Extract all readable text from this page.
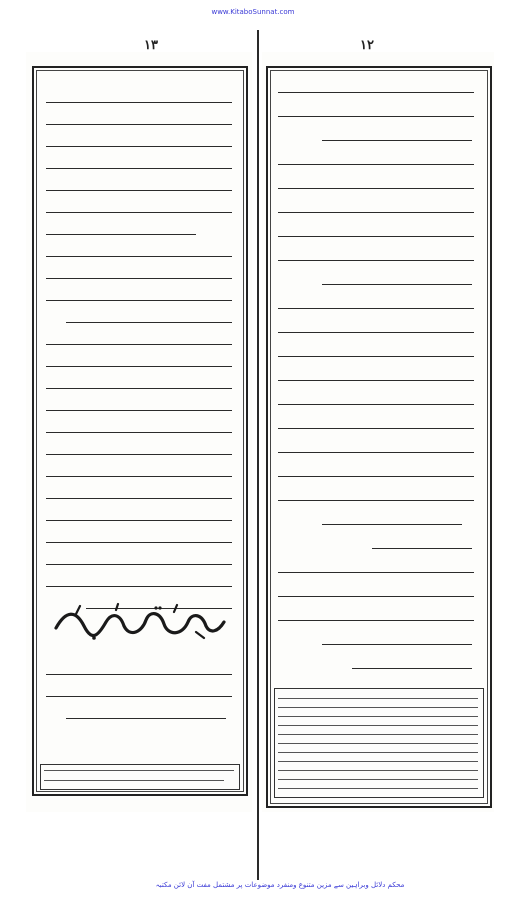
www.KitaboSunnat.com
۱۳	۱۲
محکم دلائل وبراہین سے مزین متنوع ومنفرد موضوعات پر مشتمل مفت آن لائن مکتبہ
